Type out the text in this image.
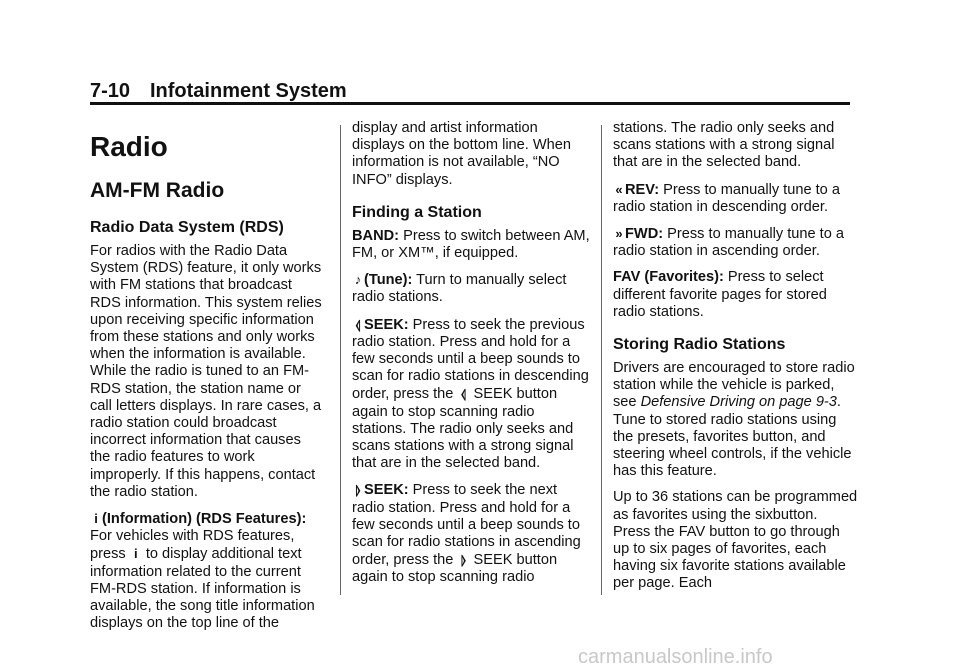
7-10 Infotainment System
Radio
AM-FM Radio
Radio Data System (RDS)

For radios with the Radio Data System (RDS) feature, it only works with FM stations that broadcast RDS information. This system relies upon receiving specific information from these stations and only works when the information is available. While the radio is tuned to an FM-RDS station, the station name or call letters displays. In rare cases, a radio station could broadcast incorrect information that causes the radio features to work improperly. If this happens, contact the radio station.

i (Information) (RDS Features): For vehicles with RDS features, press i to display additional text information related to the current FM-RDS station. If information is available, the song title information displays on the top line of the

display and artist information displays on the bottom line. When information is not available, “NO INFO” displays.

Finding a Station

BAND: Press to switch between AM, FM, or XM™, if equipped.

♪ (Tune): Turn to manually select radio stations.

⦉ SEEK: Press to seek the previous radio station. Press and hold for a few seconds until a beep sounds to scan for radio stations in descending order, press the ⦉ SEEK button again to stop scanning radio stations. The radio only seeks and scans stations with a strong signal that are in the selected band.

⦊ SEEK: Press to seek the next radio station. Press and hold for a few seconds until a beep sounds to scan for radio stations in ascending order, press the ⦊ SEEK button again to stop scanning radio

stations. The radio only seeks and scans stations with a strong signal that are in the selected band.

« REV: Press to manually tune to a radio station in descending order.

» FWD: Press to manually tune to a radio station in ascending order.

FAV (Favorites): Press to select different favorite pages for stored radio stations.

Storing Radio Stations

Drivers are encouraged to store radio station while the vehicle is parked, see Defensive Driving on page 9-3. Tune to stored radio stations using the presets, favorites button, and steering wheel controls, if the vehicle has this feature.

Up to 36 stations can be programmed as favorites using the sixbutton. Press the FAV button to go through up to six pages of favorites, each having six favorite stations available per page. Each

carmanualsonline.info
